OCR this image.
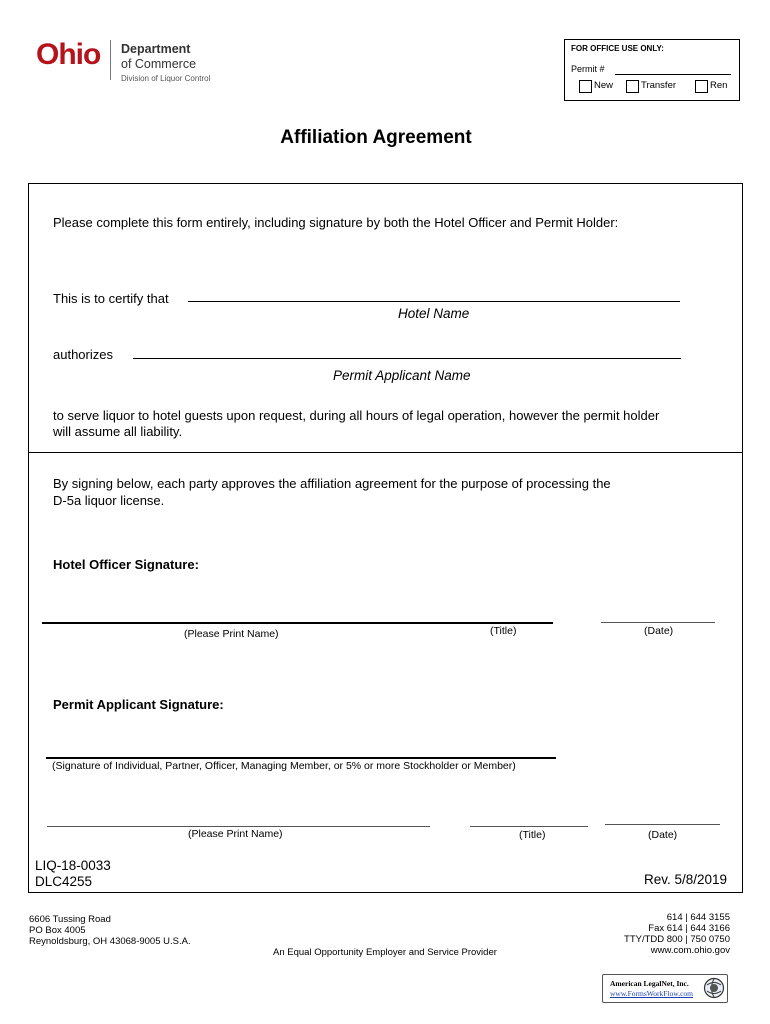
Ohio Department
of Commerce
Division of Liquor Control
FOR OFFICE USE ONLY:
Permit #
New	Transfer	Ren
Affiliation Agreement
Please complete this form entirely, including signature by both the Hotel Officer and Permit Holder:
This is to certify that
Hotel Name
authorizes
Permit Applicant Name
to serve liquor to hotel guests upon request, during all hours of legal operation, however the permit holder
will assume all liability.
By signing below, each party approves the affiliation agreement for the purpose of processing the
D-5a liquor license.
Hotel Officer Signature:
(Please Print Name)	(Title)	(Date)
Permit Applicant Signature:
(Signature of Individual, Partner, Officer, Managing Member, or 5% or more Stockholder or Member)
(Please Print Name)	(Title)	(Date)
LIQ-18-0033
DLC4255	Rev. 5/8/2019
6606 Tussing Road
PO Box 4005
Reynoldsburg, OH 43068-9005 U.S.A.
An Equal Opportunity Employer and Service Provider
614 | 644 3155
Fax 614 | 644 3166
TTY/TDD 800 | 750 0750
www.com.ohio.gov
American LegalNet, Inc.
www.FormsWorkFlow.com
